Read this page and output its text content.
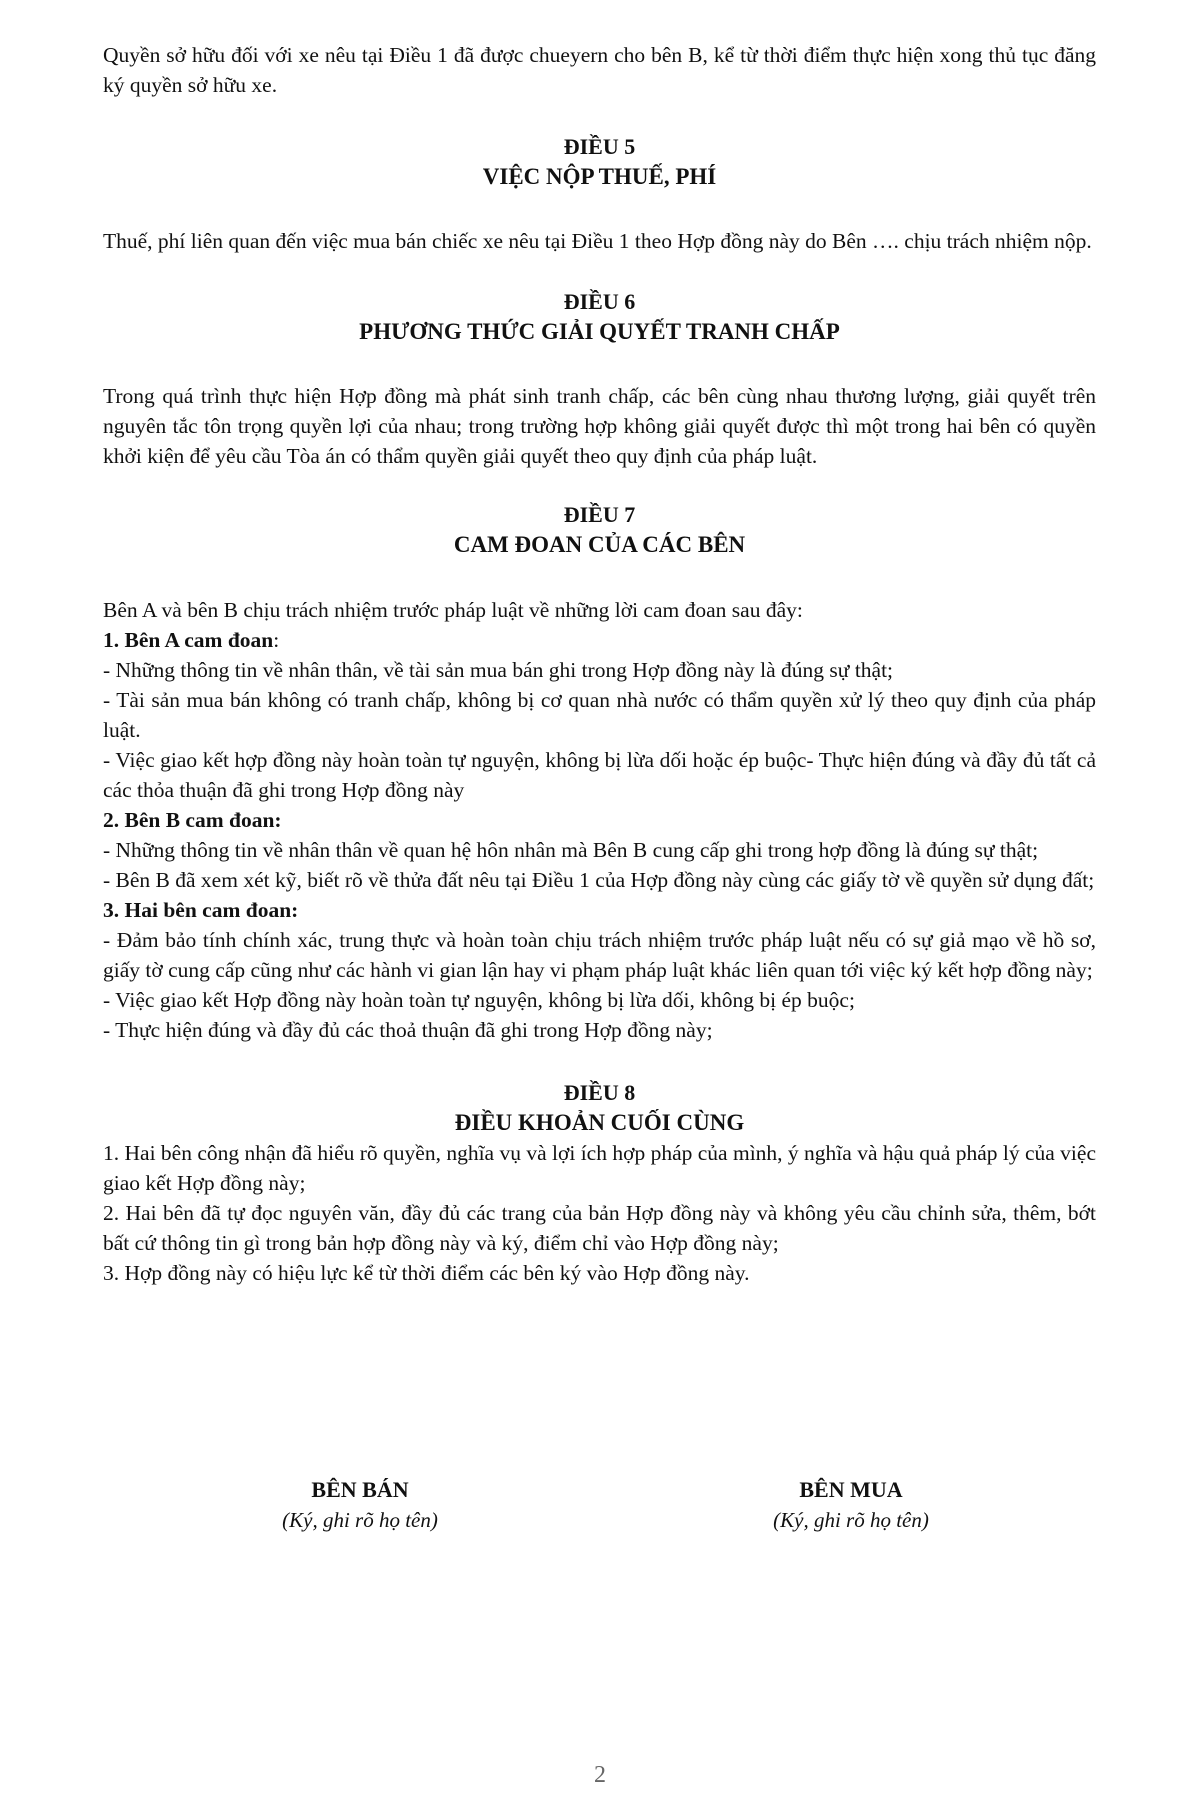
Quyền sở hữu đối với xe nêu tại Điều 1 đã được chueyern cho bên B, kể từ thời điểm thực hiện xong thủ tục đăng ký quyền sở hữu xe.

ĐIỀU 5
VIỆC NỘP THUẾ, PHÍ

Thuế, phí liên quan đến việc mua bán chiếc xe nêu tại Điều 1 theo Hợp đồng này do Bên …. chịu trách nhiệm nộp.

ĐIỀU 6
PHƯƠNG THỨC GIẢI QUYẾT TRANH CHẤP

Trong quá trình thực hiện Hợp đồng mà phát sinh tranh chấp, các bên cùng nhau thương lượng, giải quyết trên nguyên tắc tôn trọng quyền lợi của nhau; trong trường hợp không giải quyết được thì một trong hai bên có quyền khởi kiện để yêu cầu Tòa án có thẩm quyền giải quyết theo quy định của pháp luật.

ĐIỀU 7
CAM ĐOAN CỦA CÁC BÊN

Bên A và bên B chịu trách nhiệm trước pháp luật về những lời cam đoan sau đây:

1. Bên A cam đoan:

- Những thông tin về nhân thân, về tài sản mua bán ghi trong Hợp đồng này là đúng sự thật;

- Tài sản mua bán không có tranh chấp, không bị cơ quan nhà nước có thẩm quyền xử lý theo quy định của pháp luật.

- Việc giao kết hợp đồng này hoàn toàn tự nguyện, không bị lừa dối hoặc ép buộc- Thực hiện đúng và đầy đủ tất cả các thỏa thuận đã ghi trong Hợp đồng này

2. Bên B cam đoan:

- Những thông tin về nhân thân về quan hệ hôn nhân mà Bên B cung cấp ghi trong hợp đồng là đúng sự thật;

- Bên B đã xem xét kỹ, biết rõ về thửa đất nêu tại Điều 1 của Hợp đồng này cùng các giấy tờ về quyền sử dụng đất;

3. Hai bên cam đoan:

- Đảm bảo tính chính xác, trung thực và hoàn toàn chịu trách nhiệm trước pháp luật nếu có sự giả mạo về hồ sơ, giấy tờ cung cấp cũng như các hành vi gian lận hay vi phạm pháp luật khác liên quan tới việc ký kết hợp đồng này;

- Việc giao kết Hợp đồng này hoàn toàn tự nguyện, không bị lừa dối, không bị ép buộc;

- Thực hiện đúng và đầy đủ các thoả thuận đã ghi trong Hợp đồng này;

ĐIỀU 8
ĐIỀU KHOẢN CUỐI CÙNG

1. Hai bên công nhận đã hiểu rõ quyền, nghĩa vụ và lợi ích hợp pháp của mình, ý nghĩa và hậu quả pháp lý của việc giao kết Hợp đồng này;

2. Hai bên đã tự đọc nguyên văn, đầy đủ các trang của bản Hợp đồng này và không yêu cầu chỉnh sửa, thêm, bớt bất cứ thông tin gì trong bản hợp đồng này và ký, điểm chỉ vào Hợp đồng này;

3. Hợp đồng này có hiệu lực kể từ thời điểm các bên ký vào Hợp đồng này.

BÊN BÁN
(Ký, ghi rõ họ tên)
BÊN MUA
(Ký, ghi rõ họ tên)
2
